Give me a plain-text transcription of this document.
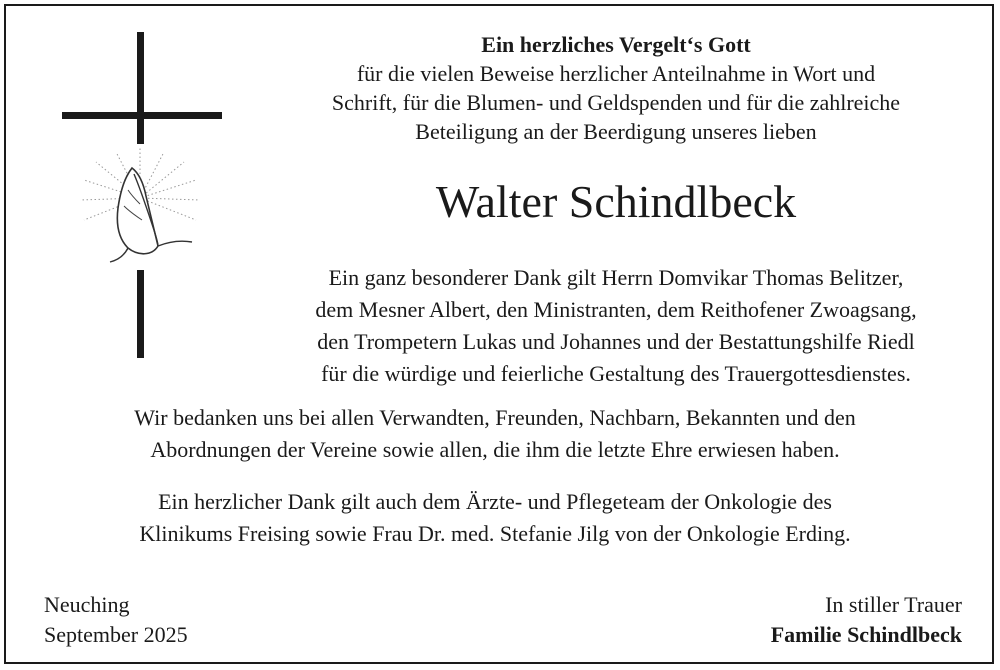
Ein herzliches Vergelt‘s Gott
für die vielen Beweise herzlicher Anteilnahme in Wort und
Schrift, für die Blumen- und Geldspenden und für die zahlreiche
Beteiligung an der Beerdigung unseres lieben
Walter Schindlbeck
Ein ganz besonderer Dank gilt Herrn Domvikar Thomas Belitzer,
dem Mesner Albert, den Ministranten, dem Reithofener Zwoagsang,
den Trompetern Lukas und Johannes und der Bestattungshilfe Riedl
für die würdige und feierliche Gestaltung des Trauergottesdienstes.
Wir bedanken uns bei allen Verwandten, Freunden, Nachbarn, Bekannten und den
Abordnungen der Vereine sowie allen, die ihm die letzte Ehre erwiesen haben.
Ein herzlicher Dank gilt auch dem Ärzte- und Pflegeteam der Onkologie des
Klinikums Freising sowie Frau Dr. med. Stefanie Jilg von der Onkologie Erding.
Neuching
September 2025
In stiller Trauer
Familie Schindlbeck
